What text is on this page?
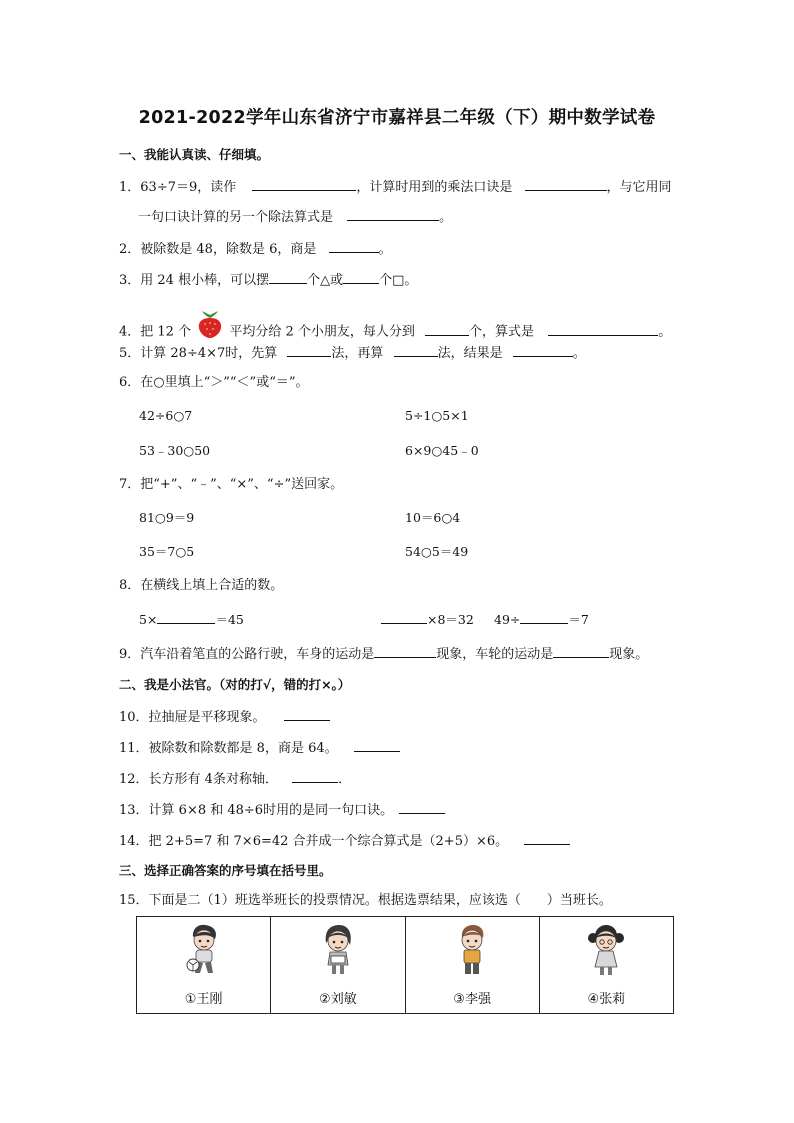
2021-2022学年山东省济宁市嘉祥县二年级（下）期中数学试卷
一、我能认真读、仔细填。
1．63÷7＝9，读作	，计算时用到的乘法口诀是	，与它用同
一句口诀计算的另一个除法算式是	。
2．被除数是 48，除数是 6，商是	。
3．用 24 根小棒，可以摆	个△或	个□。
4．把 12 个	平均分给 2 个小朋友，每人分到	个，算式是	。
5．计算 28÷4×7时，先算	法，再算	法，结果是	。
6．在○里填上“＞”“＜”或“＝”。
42÷6○7	5÷1○5×1
53﹣30○50	6×9○45﹣0
7．把“+”、“﹣”、“×”、“÷”送回家。
81○9＝9	10＝6○4
35＝7○5	54○5＝49
8．在横线上填上合适的数。
5×	＝45	×8＝32 49÷	＝7
9．汽车沿着笔直的公路行驶，车身的运动是	现象，车轮的运动是	现象。
二、我是小法官。（对的打√，错的打×。）
10．拉抽屉是平移现象。
11．被除数和除数都是 8，商是 64。
12．长方形有 4条对称轴．	．
13．计算 6×8 和 48÷6时用的是同一句口诀。
14．把 2+5=7 和 7×6=42 合并成一个综合算式是（2+5）×6。
三、选择正确答案的序号填在括号里。
15．下面是二（1）班选举班长的投票情况。根据选票结果，应该选（　　）当班长。
①王刚	②刘敏	③李强	④张莉
